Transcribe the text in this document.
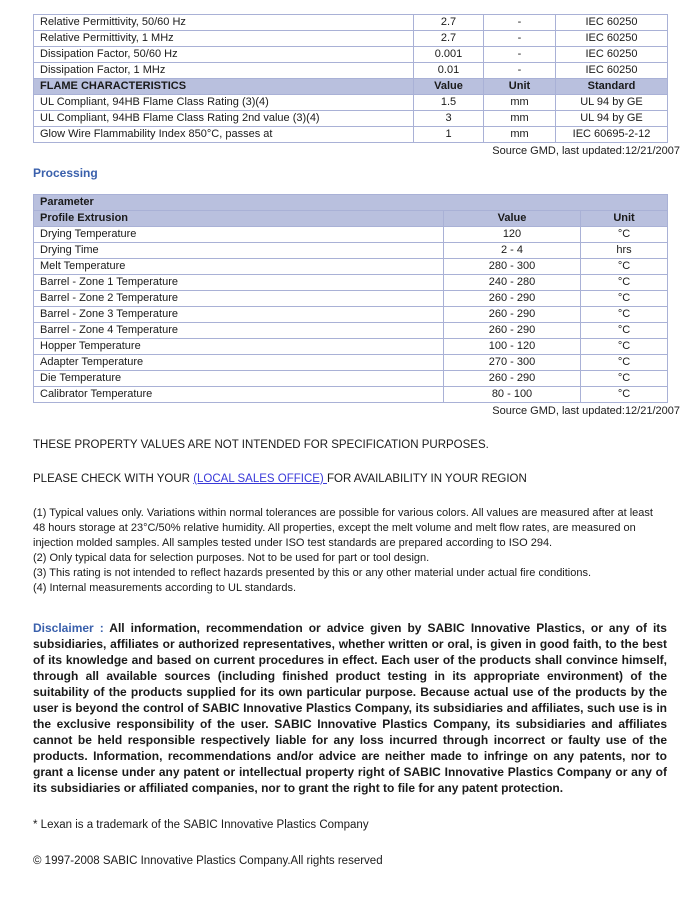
Relative Permittivity, 50/60 Hz	2.7	-	IEC 60250
Relative Permittivity, 1 MHz	2.7	-	IEC 60250
Dissipation Factor, 50/60 Hz	0.001	-	IEC 60250
Dissipation Factor, 1 MHz	0.01	-	IEC 60250
FLAME CHARACTERISTICS	Value	Unit	Standard
UL Compliant, 94HB Flame Class Rating (3)(4)	1.5	mm	UL 94 by GE
UL Compliant, 94HB Flame Class Rating 2nd value (3)(4)	3	mm	UL 94 by GE
Glow Wire Flammability Index 850°C, passes at	1	mm	IEC 60695-2-12
Source GMD, last updated:12/21/2007
Processing
Parameter		
Profile Extrusion	Value	Unit
Drying Temperature	120	°C
Drying Time	2 - 4	hrs
Melt Temperature	280 - 300	°C
Barrel - Zone 1 Temperature	240 - 280	°C
Barrel - Zone 2 Temperature	260 - 290	°C
Barrel - Zone 3 Temperature	260 - 290	°C
Barrel - Zone 4 Temperature	260 - 290	°C
Hopper Temperature	100 - 120	°C
Adapter Temperature	270 - 300	°C
Die Temperature	260 - 290	°C
Calibrator Temperature	80 - 100	°C
Source GMD, last updated:12/21/2007

THESE PROPERTY VALUES ARE NOT INTENDED FOR SPECIFICATION PURPOSES.

PLEASE CHECK WITH YOUR (LOCAL SALES OFFICE) FOR AVAILABILITY IN YOUR REGION

(1) Typical values only. Variations within normal tolerances are possible for various colors. All values are measured after at least 48 hours storage at 23°C/50% relative humidity. All properties, except the melt volume and melt flow rates, are measured on injection molded samples. All samples tested under ISO test standards are prepared according to ISO 294.
(2) Only typical data for selection purposes. Not to be used for part or tool design.
(3) This rating is not intended to reflect hazards presented by this or any other material under actual fire conditions.
(4) Internal measurements according to UL standards.

Disclaimer : All information, recommendation or advice given by SABIC Innovative Plastics, or any of its subsidiaries, affiliates or authorized representatives, whether written or oral, is given in good faith, to the best of its knowledge and based on current procedures in effect. Each user of the products shall convince himself, through all available sources (including finished product testing in its appropriate environment) of the suitability of the products supplied for its own particular purpose. Because actual use of the products by the user is beyond the control of SABIC Innovative Plastics Company, its subsidiaries and affiliates, such use is in the exclusive responsibility of the user. SABIC Innovative Plastics Company, its subsidiaries and affiliates cannot be held responsible respectively liable for any loss incurred through incorrect or faulty use of the products. Information, recommendations and/or advice are neither made to infringe on any patents, nor to grant a license under any patent or intellectual property right of SABIC Innovative Plastics Company or any of its subsidiaries or affiliated companies, nor to grant the right to file for any patent protection.

* Lexan is a trademark of the SABIC Innovative Plastics Company

© 1997-2008 SABIC Innovative Plastics Company.All rights reserved
